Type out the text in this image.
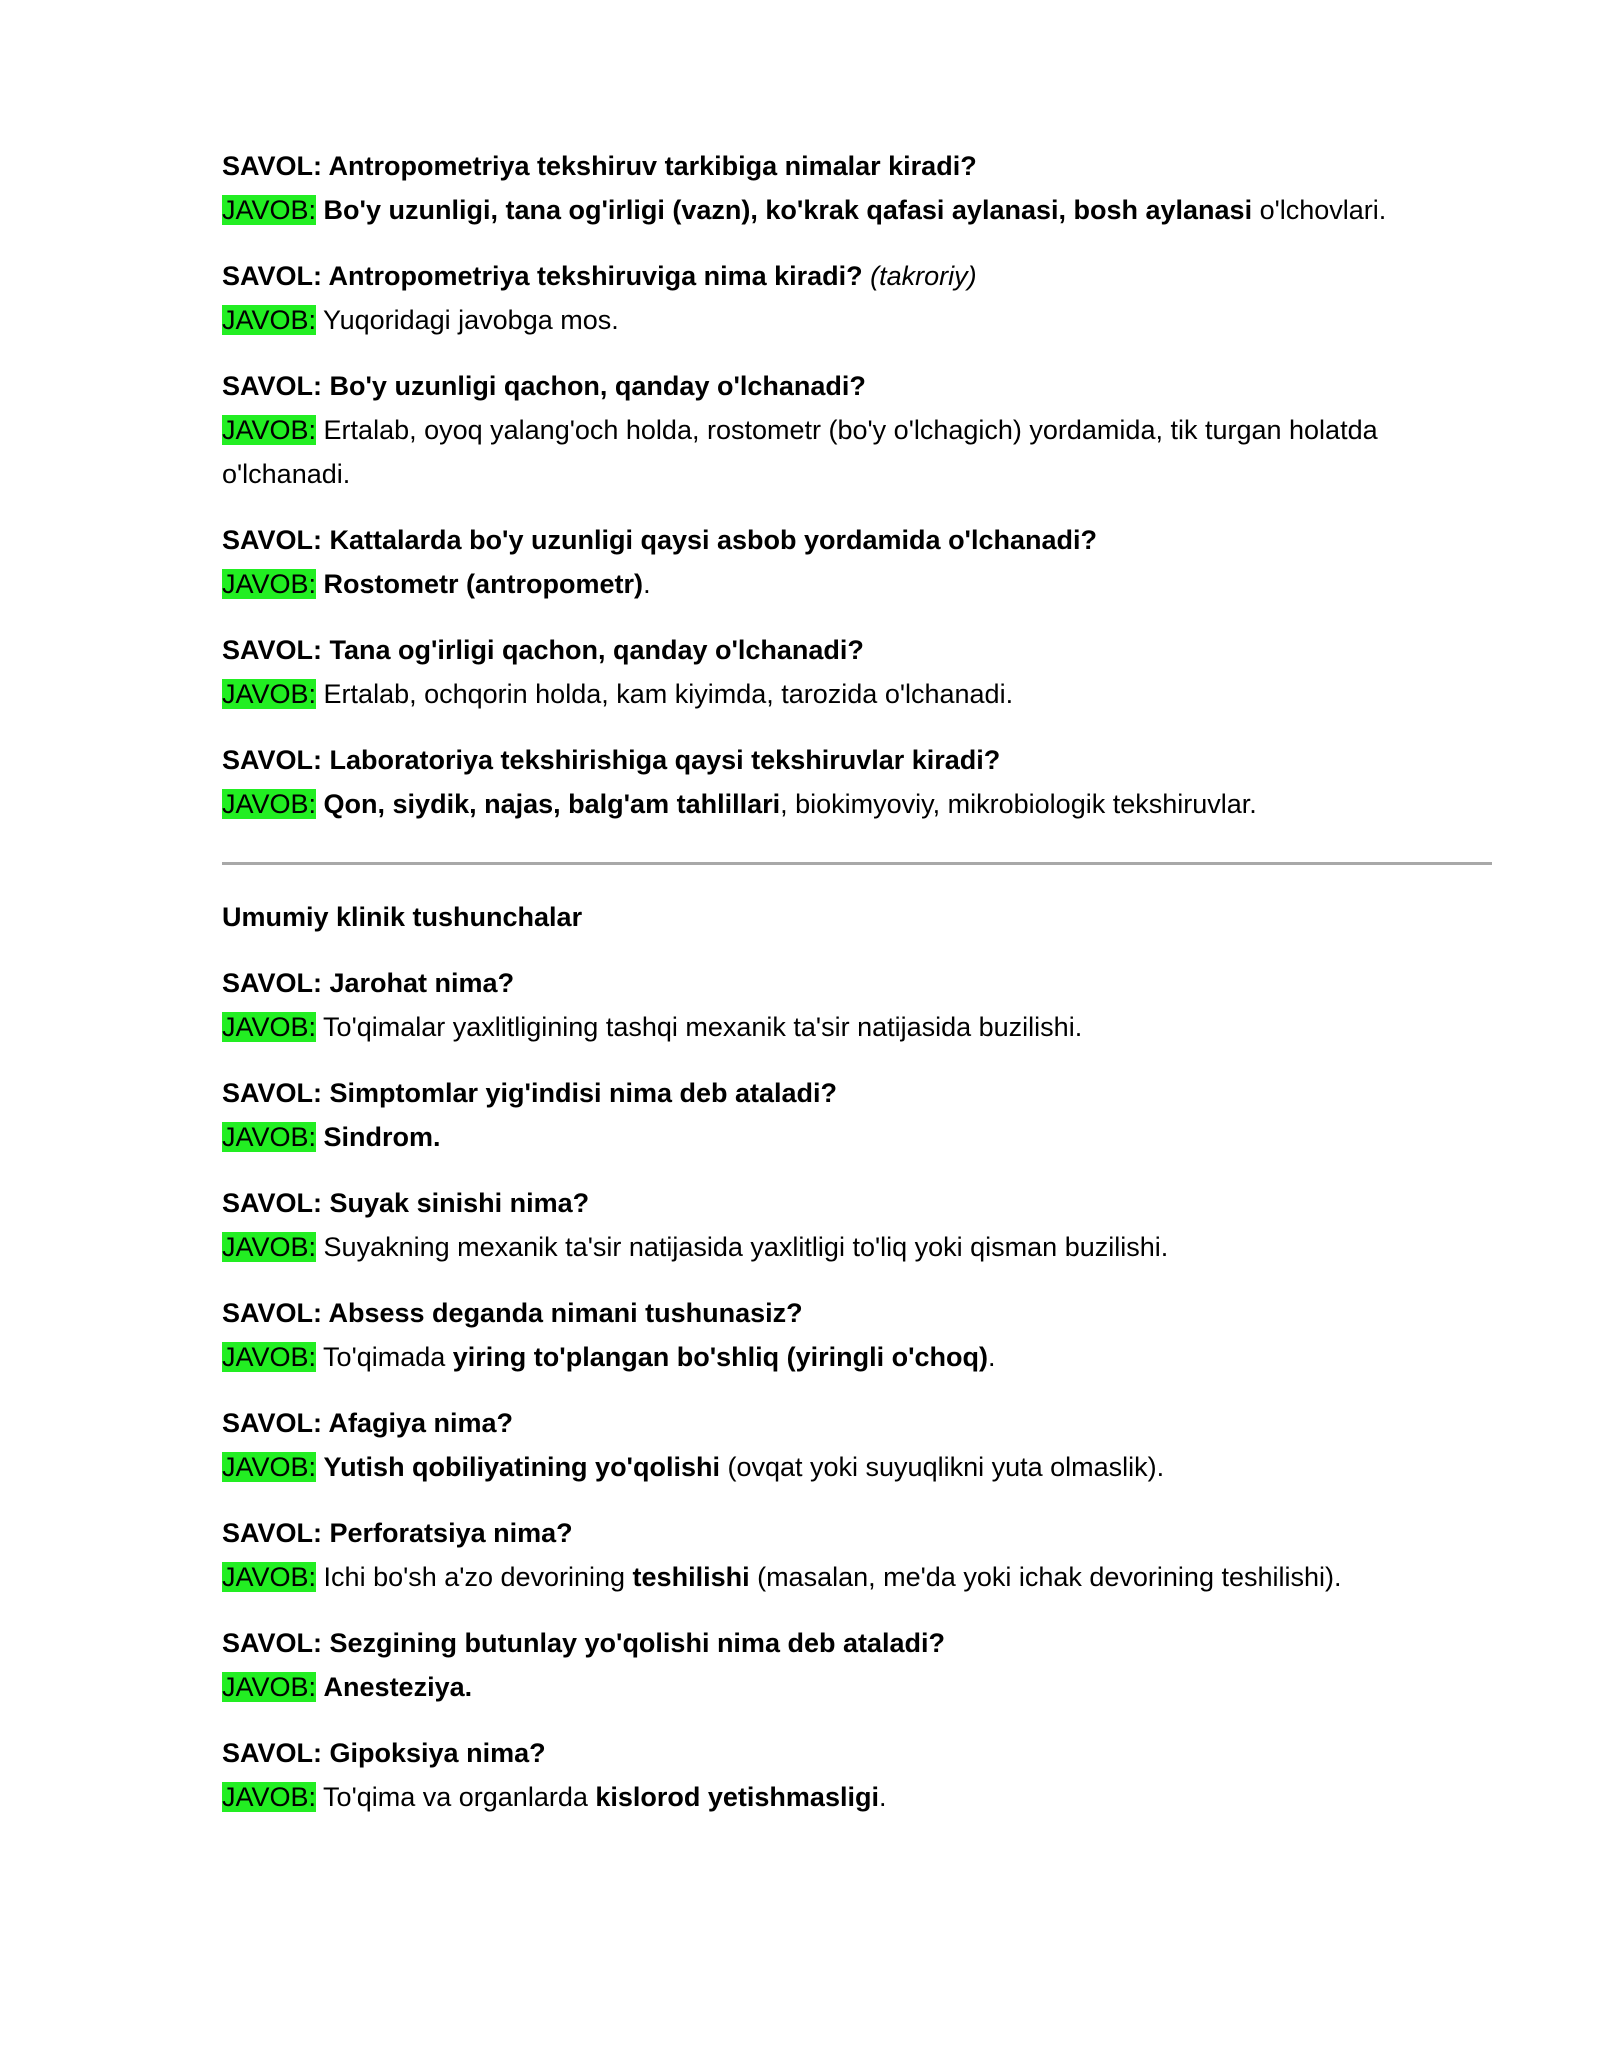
SAVOL: Antropometriya tekshiruv tarkibiga nimalar kiradi?
JAVOB: Bo'y uzunligi, tana og'irligi (vazn), ko'krak qafasi aylanasi, bosh aylanasi o'lchovlari.
SAVOL: Antropometriya tekshiruviga nima kiradi? (takroriy)
JAVOB: Yuqoridagi javobga mos.
SAVOL: Bo'y uzunligi qachon, qanday o'lchanadi?
JAVOB: Ertalab, oyoq yalang'och holda, rostometr (bo'y o'lchagich) yordamida, tik turgan holatda o'lchanadi.
SAVOL: Kattalarda bo'y uzunligi qaysi asbob yordamida o'lchanadi?
JAVOB: Rostometr (antropometr).
SAVOL: Tana og'irligi qachon, qanday o'lchanadi?
JAVOB: Ertalab, ochqorin holda, kam kiyimda, tarozida o'lchanadi.
SAVOL: Laboratoriya tekshirishiga qaysi tekshiruvlar kiradi?
JAVOB: Qon, siydik, najas, balg'am tahlillari, biokimyoviy, mikrobiologik tekshiruvlar.
Umumiy klinik tushunchalar
SAVOL: Jarohat nima?
JAVOB: To'qimalar yaxlitligining tashqi mexanik ta'sir natijasida buzilishi.
SAVOL: Simptomlar yig'indisi nima deb ataladi?
JAVOB: Sindrom.
SAVOL: Suyak sinishi nima?
JAVOB: Suyakning mexanik ta'sir natijasida yaxlitligi to'liq yoki qisman buzilishi.
SAVOL: Absess deganda nimani tushunasiz?
JAVOB: To'qimada yiring to'plangan bo'shliq (yiringli o'choq).
SAVOL: Afagiya nima?
JAVOB: Yutish qobiliyatining yo'qolishi (ovqat yoki suyuqlikni yuta olmaslik).
SAVOL: Perforatsiya nima?
JAVOB: Ichi bo'sh a'zo devorining teshilishi (masalan, me'da yoki ichak devorining teshilishi).
SAVOL: Sezgining butunlay yo'qolishi nima deb ataladi?
JAVOB: Anesteziya.
SAVOL: Gipoksiya nima?
JAVOB: To'qima va organlarda kislorod yetishmasligi.
